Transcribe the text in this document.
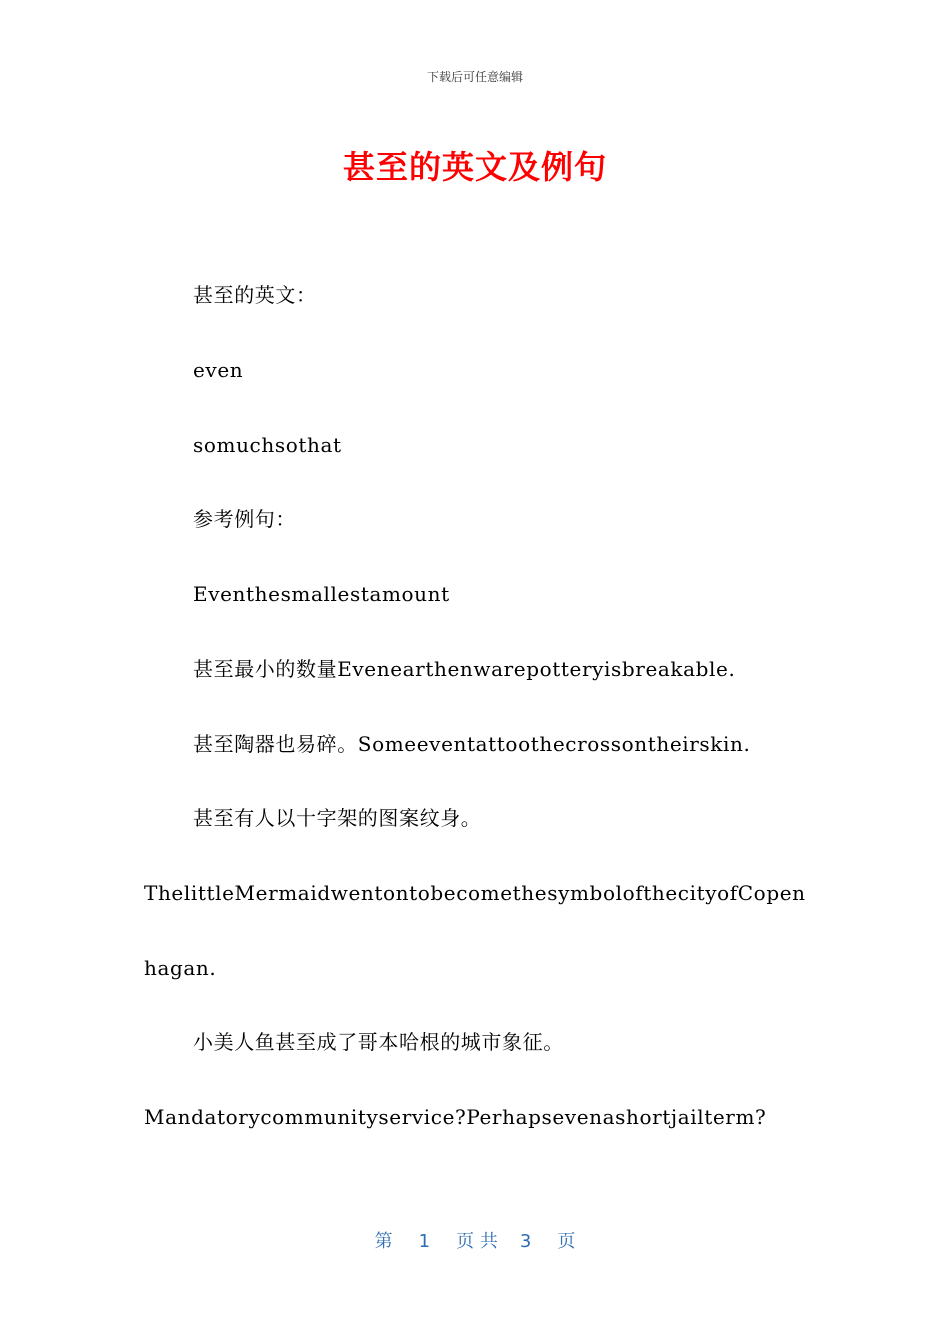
下载后可任意编辑
甚至的英文及例句
甚至的英文：
even
somuchsothat
参考例句：
Eventhesmallestamount
甚至最小的数量Evenearthenwarepotteryisbreakable.
甚至陶器也易碎。Someeventattoothecrossontheirskin.
甚至有人以十字架的图案纹身。
ThelittleMermaidwentontobecomethesymbolofthecityofCopen
hagan.
小美人鱼甚至成了哥本哈根的城市象征。
Mandatorycommunityservice?Perhapsevenashortjailterm?
第 1 页 共 3 页
